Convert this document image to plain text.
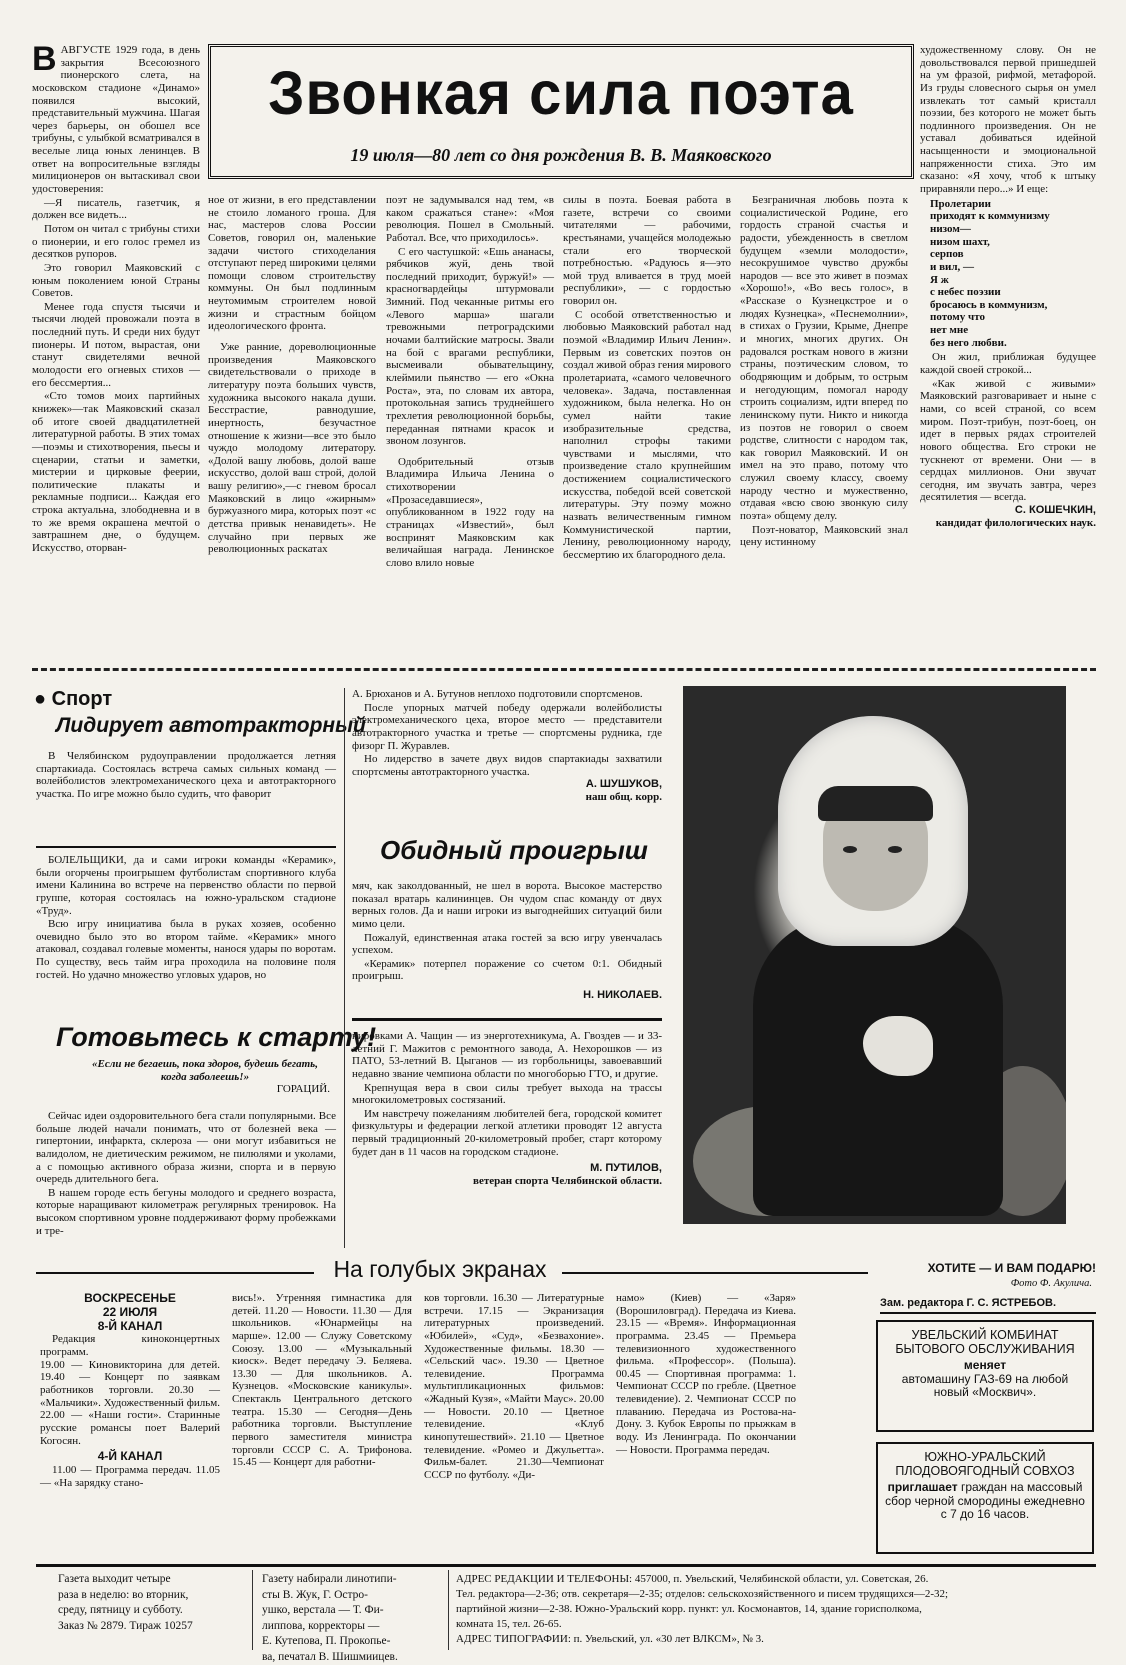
Звонкая сила поэта
19 июля—80 лет со дня рождения В. В. Маяковского
В АВГУСТЕ 1929 года, в день закрытия Всесоюзного пионерского слета, на московском стадионе «Динамо» появился высокий, представительный мужчина. Шагая через барьеры, он обошел все трибуны, с улыбкой всматривался в веселые лица юных ленинцев. В ответ на вопросительные взгляды милиционеров он вытаскивал свои удостоверения:

—Я писатель, газетчик, я должен все видеть...

Потом он читал с трибуны стихи о пионерии, и его голос гремел из десятков рупоров.

Это говорил Маяковский с юным поколением юной Страны Советов.

Менее года спустя тысячи и тысячи людей провожали поэта в последний путь. И среди них будут пионеры. И потом, вырастая, они станут свидетелями вечной молодости его огневых стихов — его бессмертия...

«Сто томов моих партийных книжек»—так Маяковский сказал об итоге своей двадцатилетней литературной работы. В этих томах—поэмы и стихотворения, пьесы и сценарии, статьи и заметки, мистерии и цирковые феерии, политические плакаты и рекламные подписи... Каждая его строка актуальна, злободневна и в то же время окрашена мечтой о завтрашнем дне, о будущем. Искусство, оторван-

ное от жизни, в его представлении не стоило ломаного гроша. Для нас, мастеров слова России Советов, говорил он, маленькие задачи чистого стиходелания отступают перед широкими целями помощи словом строительству коммуны. Он был подлинным неутомимым строителем новой жизни и страстным бойцом идеологического фронта.

Уже ранние, дореволюционные произведения Маяковского свидетельствовали о приходе в литературу поэта больших чувств, художника высокого накала души. Бесстрастие, равнодушие, инертность, безучастное отношение к жизни—все это было чуждо молодому литератору. «Долой вашу любовь, долой ваше искусство, долой ваш строй, долой вашу религию»,—с гневом бросал Маяковский в лицо «жирным» буржуазного мира, которых поэт «с детства привык ненавидеть». Не случайно при первых же революционных раскатах

поэт не задумывался над тем, «в каком сражаться стане»: «Моя революция. Пошел в Смольный. Работал. Все, что приходилось».

С его частушкой: «Ешь ананасы, рябчиков жуй, день твой последний приходит, буржуй!» — красногвардейцы штурмовали Зимний. Под чеканные ритмы его «Левого марша» шагали тревожными петроградскими ночами балтийские матросы. Звали на бой с врагами республики, высмеивали обывательщину, клеймили пьянство — его «Окна Роста», эта, по словам их автора, протокольная запись труднейшего трехлетия революционной борьбы, переданная пятнами красок и звоном лозунгов.

Одобрительный отзыв Владимира Ильича Ленина о стихотворении «Прозаседавшиеся», опубликованном в 1922 году на страницах «Известий», был воспринят Маяковским как величайшая награда. Ленинское слово влило новые

силы в поэта. Боевая работа в газете, встречи со своими читателями — рабочими, крестьянами, учащейся молодежью стали его творческой потребностью. «Радуюсь я—это мой труд вливается в труд моей республики», — с гордостью говорил он.

С особой ответственностью и любовью Маяковский работал над поэмой «Владимир Ильич Ленин». Первым из советских поэтов он создал живой образ гения мирового пролетариата, «самого человечного человека». Задача, поставленная художником, была нелегка. Но он сумел найти такие изобразительные средства, наполнил строфы такими чувствами и мыслями, что произведение стало крупнейшим достижением социалистического искусства, победой всей советской литературы. Эту поэму можно назвать величественным гимном Коммунистической партии, Ленину, революционному народу, бессмертию их благородного дела.

Безграничная любовь поэта к социалистической Родине, его гордость страной счастья и радости, убежденность в светлом будущем «земли молодости», несокрушимое чувство дружбы народов — все это живет в поэмах «Хорошо!», «Во весь голос», в «Рассказе о Кузнецкстрое и о людях Кузнецка», «Песнемолнии», в стихах о Грузии, Крыме, Днепре и многих, многих других. Он радовался росткам нового в жизни страны, поэтическим словом, то ободряющим и добрым, то острым и негодующим, помогал народу строить социализм, идти вперед по ленинскому пути. Никто и никогда из поэтов не говорил о своем родстве, слитности с народом так, как говорил Маяковский. И он имел на это право, потому что служил своему классу, своему народу честно и мужественно, отдавая «всю свою звонкую силу поэта» общему делу.

Поэт-новатор, Маяковский знал цену истинному

художественному слову. Он не довольствовался первой пришедшей на ум фразой, рифмой, метафорой. Из груды словесного сырья он умел извлекать тот самый кристалл поэзии, без которого не может быть подлинного произведения. Он не уставал добиваться идейной насыщенности и эмоциональной напряженности стиха. Это им сказано: «Я хочу, чтоб к штыку приравняли перо...» И еще:

Пролетарии
приходят к коммунизму
низом—
низом шахт,
серпов
и вил, —
Я ж
с небес поэзии
бросаюсь в коммунизм,
потому что
нет мне
без него любви.

Он жил, приближая будущее каждой своей строкой...

«Как живой с живыми» Маяковский разговаривает и ныне с нами, со всей страной, со всем миром. Поэт-трибун, поэт-боец, он идет в первых рядах строителей нового общества. Его строки не тускнеют от времени. Они — в сердцах миллионов. Они звучат сегодня, им звучать завтра, через десятилетия — всегда.

С. КОШЕЧКИН,
кандидат филологических наук.
● Спорт
Лидирует автотракторный

В Челябинском рудоуправлении продолжается летняя спартакиада. Состоялась встреча самых сильных команд — волейболистов электромеханического цеха и автотракторного участка. По игре можно было судить, что фаворит

А. Брюханов и А. Бутунов неплохо подготовили спортсменов.

После упорных матчей победу одержали волейболисты электромеханического цеха, второе место — представители автотракторного участка и третье — спортсмены рудника, где физорг П. Журавлев.

Но лидерство в зачете двух видов спартакиады захватили спортсмены автотракторного участка.

А. ШУШУКОВ,
наш общ. корр.
Обидный проигрыш

БОЛЕЛЬЩИКИ, да и сами игроки команды «Керамик», были огорчены проигрышем футболистам спортивного клуба имени Калинина во встрече на первенство области по первой группе, которая состоялась на южно-уральском стадионе «Труд».

Всю игру инициатива была в руках хозяев, особенно очевидно было это во втором тайме. «Керамик» много атаковал, создавал голевые моменты, нанося удары по воротам. По существу, весь тайм игра проходила на половине поля гостей. Но удачно множество угловых ударов, но

мяч, как заколдованный, не шел в ворота. Высокое мастерство показал вратарь калининцев. Он чудом спас команду от двух верных голов. Да и наши игроки из выгоднейших ситуаций били мимо цели.

Пожалуй, единственная атака гостей за всю игру увенчалась успехом.

«Керамик» потерпел поражение со счетом 0:1. Обидный проигрыш.

Н. НИКОЛАЕВ.
Готовьтесь к старту!
«Если не бегаешь, пока здоров, будешь бегать, когда заболеешь!»
ГОРАЦИЙ.

Сейчас идеи оздоровительного бега стали популярными. Все больше людей начали понимать, что от болезней века — гипертонии, инфаркта, склероза — они могут избавиться не валидолом, не диетическим режимом, не пилюлями и уколами, а с помощью активного образа жизни, спорта и в первую очередь длительного бега.

В нашем городе есть бегуны молодого и среднего возраста, которые наращивают километраж регулярных тренировок. На высоком спортивном уровне поддерживают форму пробежками и тре-

нировками А. Чащин — из энерготехникума, А. Гвоздев — и 33-летний Г. Мажитов с ремонтного завода, А. Нехорошков — из ПАТО, 53-летний В. Цыганов — из горбольницы, завоевавший недавно звание чемпиона области по многоборью ГТО, и другие.

Крепнущая вера в свои силы требует выхода на трассы многокилометровых состязаний.

Им навстречу пожеланиям любителей бега, городской комитет физкультуры и федерации легкой атлетики проводят 12 августа первый традиционный 20-километровый пробег, старт которому будет дан в 11 часов на городском стадионе.

М. ПУТИЛОВ,
ветеран спорта Челябинской области.
ХОТИТЕ — И ВАМ ПОДАРЮ!
Фото Ф. Акулича.
На голубых экранах
ВОСКРЕСЕНЬЕ
22 ИЮЛЯ
8-Й КАНАЛ

Редакция киноконцертных программ.
19.00 — Киновикторина для детей. 19.40 — Концерт по заявкам работников торговли. 20.30 — «Мальчики». Художественный фильм. 22.00 — «Наши гости». Старинные русские романсы поет Валерий Когосян.

4-Й КАНАЛ

11.00 — Программа передач. 11.05 — «На зарядку стано-

вись!». Утренняя гимнастика для детей. 11.20 — Новости. 11.30 — Для школьников. «Юнармейцы на марше». 12.00 — Служу Советскому Союзу. 13.00 — «Музыкальный киоск». Ведет передачу Э. Беляева. 13.30 — Для школьников. А. Кузнецов. «Московские каникулы». Спектакль Центрального детского театра. 15.30 — Сегодня—День работника торговли. Выступление первого заместителя министра торговли СССР С. А. Трифонова. 15.45 — Концерт для работни-

ков торговли. 16.30 — Литературные встречи. 17.15 — Экранизация литературных произведений. «Юбилей», «Суд», «Безвахоние». Художественные фильмы. 18.30 — «Сельский час». 19.30 — Цветное телевидение. Программа мультипликационных фильмов: «Жадный Кузя», «Майти Маус». 20.00 — Новости. 20.10 — Цветное телевидение. «Клуб кинопутешествий». 21.10 — Цветное телевидение. «Ромео и Джульетта». Фильм-балет. 21.30—Чемпионат СССР по футболу. «Ди-

намо» (Киев) — «Заря» (Ворошиловград). Передача из Киева. 23.15 — «Время». Информационная программа. 23.45 — Премьера телевизионного художественного фильма. «Профессор». (Польша). 00.45 — Спортивная программа: 1. Чемпионат СССР по гребле. (Цветное телевидение). 2. Чемпионат СССР по плаванию. Передача из Ростова-на-Дону. 3. Кубок Европы по прыжкам в воду. Из Ленинграда. По окончании — Новости. Программа передач.

Зам. редактора Г. С. ЯСТРЕБОВ.
УВЕЛЬСКИЙ КОМБИНАТ БЫТОВОГО ОБСЛУЖИВАНИЯ
меняет
автомашину ГАЗ-69 на любой новый «Москвич».
ЮЖНО-УРАЛЬСКИЙ ПЛОДОВОЯГОДНЫЙ СОВХОЗ
приглашает граждан на массовый сбор черной смородины ежедневно с 7 до 16 часов.
Газета выходит четыре
раза в неделю: во вторник,
среду, пятницу и субботу.
Заказ № 2879. Тираж 10257
Газету набирали линотипи-
сты В. Жук, Г. Остро-
ушко, верстала — Т. Фи-
липпова, корректоры —
Е. Кутепова, П. Прокопье-
ва, печатал В. Шишмиицев.
АДРЕС РЕДАКЦИИ И ТЕЛЕФОНЫ: 457000, п. Увельский, Челябинской области, ул. Советская, 26.
Тел. редактора—2-36; отв. секретаря—2-35; отделов: сельскохозяйственного и писем трудящихся—2-32;
партийной жизни—2-38. Южно-Уральский корр. пункт: ул. Космонавтов, 14, здание горисполкома,
комната 15, тел. 26-65.
АДРЕС ТИПОГРАФИИ: п. Увельский, ул. «30 лет ВЛКСМ», № 3.
